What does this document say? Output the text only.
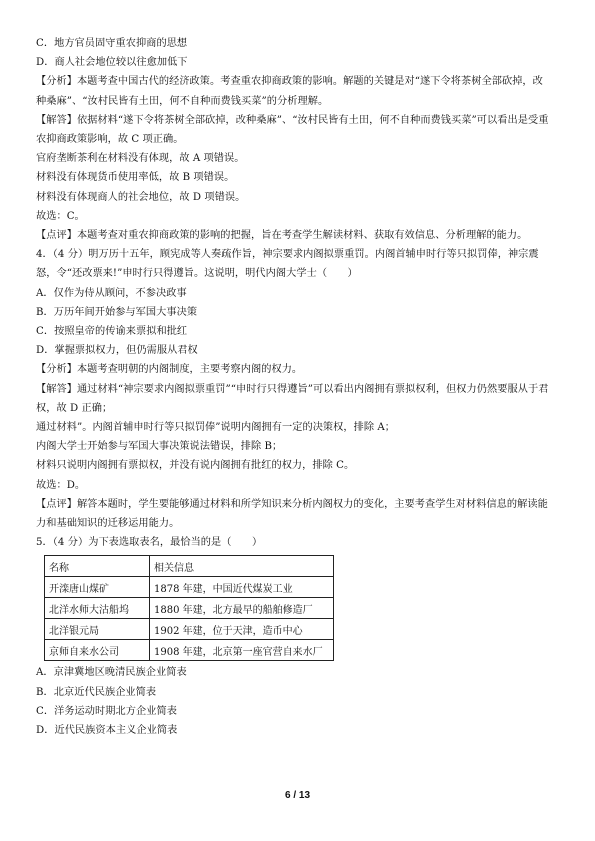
C．地方官员固守重农抑商的思想
D．商人社会地位较以往愈加低下
【分析】本题考查中国古代的经济政策。考查重农抑商政策的影响。解题的关键是对“遂下令将茶树全部砍掉，改
种桑麻”、“汝村民皆有土田，何不自种而费钱买菜”的分析理解。
【解答】依据材料“遂下令将茶树全部砍掉，改种桑麻”、“汝村民皆有土田，何不自种而费钱买菜”可以看出是受重
农抑商政策影响，故 C 项正确。
官府垄断茶利在材料没有体现，故 A 项错误。
材料没有体现货币使用率低，故 B 项错误。
材料没有体现商人的社会地位，故 D 项错误。
故选：C。
【点评】本题考查对重农抑商政策的影响的把握，旨在考查学生解读材料、获取有效信息、分析理解的能力。
4．（4 分）明万历十五年，顾宪成等人奏疏作旨，神宗要求内阁拟票重罚。内阁首辅申时行等只拟罚俸，神宗震
怒，令“还改票来!”申时行只得遵旨。这说明，明代内阁大学士（　　）
A．仅作为侍从顾问，不参决政事
B．万历年间开始参与军国大事决策
C．按照皇帝的传谕来票拟和批红
D．掌握票拟权力，但仍需服从君权
【分析】本题考查明朝的内阁制度，主要考察内阁的权力。
【解答】通过材料“神宗要求内阁拟票重罚”“申时行只得遵旨”可以看出内阁拥有票拟权利，但权力仍然要服从于君
权，故 D 正确；
通过材料”。内阁首辅申时行等只拟罚俸”说明内阁拥有一定的决策权，排除 A；
内阁大学士开始参与军国大事决策说法错误，排除 B；
材料只说明内阁拥有票拟权，并没有说内阁拥有批红的权力，排除 C。
故选：D。
【点评】解答本题时，学生要能够通过材料和所学知识来分析内阁权力的变化，主要考查学生对材料信息的解读能
力和基础知识的迁移运用能力。
5．（4 分）为下表选取表名，最恰当的是（　　）
名称	相关信息
开滦唐山煤矿	1878 年建，中国近代煤炭工业
北洋水师大沽船坞	1880 年建，北方最早的船舶修造厂
北洋银元局	1902 年建，位于天津，造币中心
京师自来水公司	1908 年建，北京第一座官营自来水厂
A．京津冀地区晚清民族企业简表
B．北京近代民族企业简表
C．洋务运动时期北方企业简表
D．近代民族资本主义企业简表
6 / 13
